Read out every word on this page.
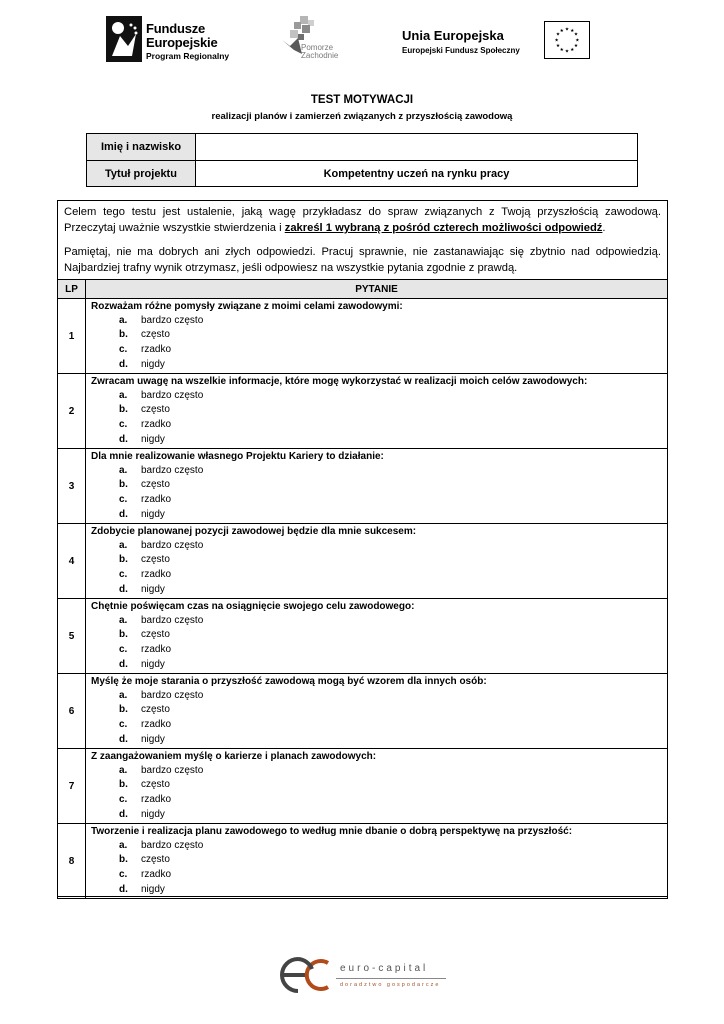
Fundusze
Europejskie
Program Regionalny
Pomorze
Zachodnie
Unia Europejska
Europejski Fundusz Społeczny
★ ★
★
★
★
★
★
★
★
★
★
★
TEST MOTYWACJI
realizacji planów i zamierzeń związanych z przyszłością zawodową
Imię i nazwisko	
Tytuł projektu	Kompetentny uczeń na rynku pracy

Celem tego testu jest ustalenie, jaką wagę przykładasz do spraw związanych z Twoją przyszłością zawodową. Przeczytaj uważnie wszystkie stwierdzenia i zakreśl 1 wybraną z pośród czterech możliwości odpowiedź.

Pamiętaj, nie ma dobrych ani złych odpowiedzi. Pracuj sprawnie, nie zastanawiając się zbytnio nad odpowiedzią. Najbardziej trafny wynik otrzymasz, jeśli odpowiesz na wszystkie pytania zgodnie z prawdą.

LP	PYTANIE
1	Rozważam różne pomysły związane z moimi celami zawodowymi:
a. bardzo często
b. często
c. rzadko
d. nigdy

2	Zwracam uwagę na wszelkie informacje, które mogę wykorzystać w realizacji moich celów zawodowych:
a. bardzo często
b. często
c. rzadko
d. nigdy

3	Dla mnie realizowanie własnego Projektu Kariery to działanie:
a. bardzo często
b. często
c. rzadko
d. nigdy

4	Zdobycie planowanej pozycji zawodowej będzie dla mnie sukcesem:
a. bardzo często
b. często
c. rzadko
d. nigdy

5	Chętnie poświęcam czas na osiągnięcie swojego celu zawodowego:
a. bardzo często
b. często
c. rzadko
d. nigdy

6	Myślę że moje starania o przyszłość zawodową mogą być wzorem dla innych osób:
a. bardzo często
b. często
c. rzadko
d. nigdy

7	Z zaangażowaniem myślę o karierze i planach zawodowych:
a. bardzo często
b. często
c. rzadko
d. nigdy

8	Tworzenie i realizacja planu zawodowego to według mnie dbanie o dobrą perspektywę na przyszłość:
a. bardzo często
b. często
c. rzadko
d. nigdy
euro-capital
doradztwo gospodarcze
